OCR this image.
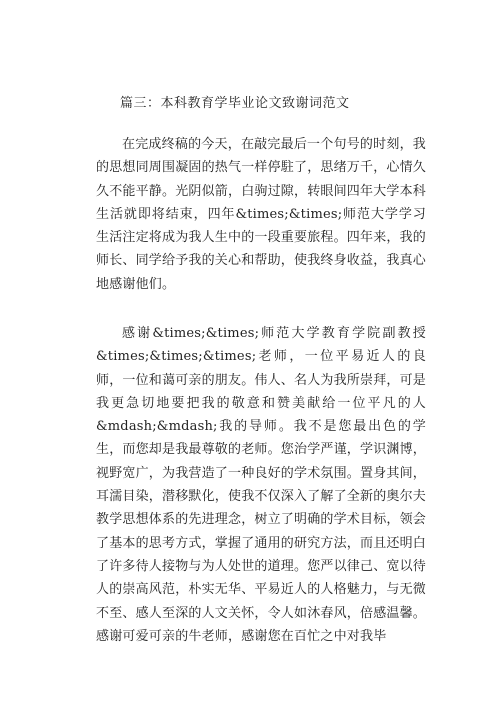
篇三：本科教育学毕业论文致谢词范文

在完成终稿的今天，在敲完最后一个句号的时刻，我的思想同周围凝固的热气一样停駐了，思绪万千，心情久久不能平静。光阴似箭，白驹过隙，转眼间四年大学本科生活就即将结束，四年&times;&times;师范大学学习生活注定将成为我人生中的一段重要旅程。四年来，我的师长、同学给予我的关心和帮助，使我终身收益，我真心地感谢他们。

感谢&times;&times;师范大学教育学院副教授&times;&times;&times;老师，一位平易近人的良师，一位和蔼可亲的朋友。伟人、名人为我所崇拜，可是我更急切地要把我的敬意和赞美献给一位平凡的人&mdash;&mdash;我的导师。我不是您最出色的学生，而您却是我最尊敬的老师。您治学严谨，学识渊博，视野宽广，为我营造了一种良好的学术氛围。置身其间，耳濡目染，潜移默化，使我不仅深入了解了全新的奥尔夫教学思想体系的先进理念，树立了明确的学术目标，领会了基本的思考方式，掌握了通用的研究方法，而且还明白了许多待人接物与为人处世的道理。您严以律己、宽以待人的崇高风范，朴实无华、平易近人的人格魅力，与无微不至、感人至深的人文关怀，令人如沐春风，倍感温馨。感谢可爱可亲的牛老师，感谢您在百忙之中对我毕
